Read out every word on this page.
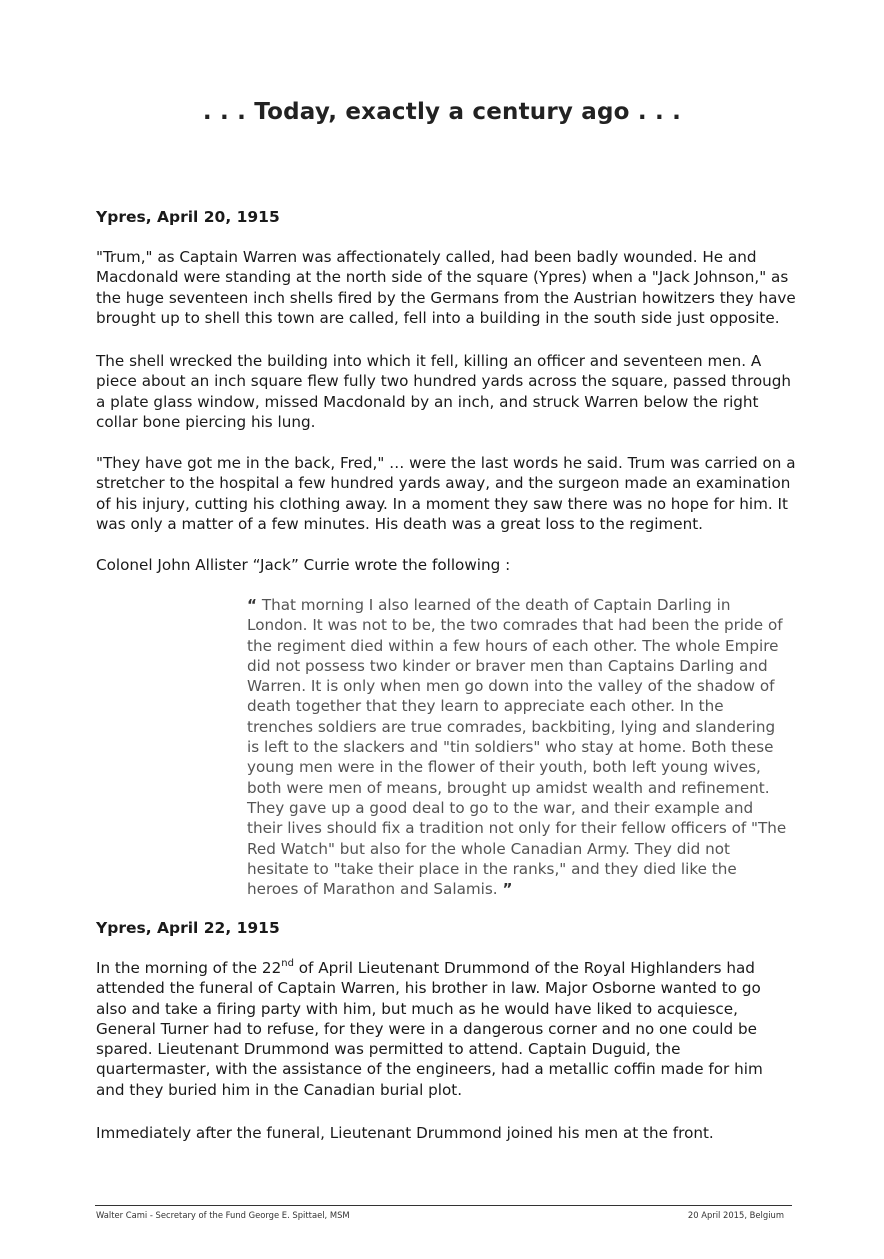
. . . Today, exactly a century ago . . .
Ypres, April 20, 1915

"Trum," as Captain Warren was affectionately called, had been badly wounded. He and Macdonald were standing at the north side of the square (Ypres) when a "Jack Johnson," as the huge seventeen inch shells fired by the Germans from the Austrian howitzers they have brought up to shell this town are called, fell into a building in the south side just opposite.

The shell wrecked the building into which it fell, killing an officer and seventeen men. A piece about an inch square flew fully two hundred yards across the square, passed through a plate glass window, missed Macdonald by an inch, and struck Warren below the right collar bone piercing his lung.

"They have got me in the back, Fred," … were the last words he said. Trum was carried on a stretcher to the hospital a few hundred yards away, and the surgeon made an examination of his injury, cutting his clothing away. In a moment they saw there was no hope for him. It was only a matter of a few minutes. His death was a great loss to the regiment.

Colonel John Allister “Jack” Currie wrote the following :

“ That morning I also learned of the death of Captain Darling in London. It was not to be, the two comrades that had been the pride of the regiment died within a few hours of each other. The whole Empire did not possess two kinder or braver men than Captains Darling and Warren. It is only when men go down into the valley of the shadow of death together that they learn to appreciate each other. In the trenches soldiers are true comrades, backbiting, lying and slandering is left to the slackers and "tin soldiers" who stay at home. Both these young men were in the flower of their youth, both left young wives, both were men of means, brought up amidst wealth and refinement. They gave up a good deal to go to the war, and their example and their lives should fix a tradition not only for their fellow officers of "The Red Watch" but also for the whole Canadian Army. They did not hesitate to "take their place in the ranks," and they died like the heroes of Marathon and Salamis. ”

Ypres, April 22, 1915

In the morning of the 22nd of April Lieutenant Drummond of the Royal Highlanders had attended the funeral of Captain Warren, his brother in law. Major Osborne wanted to go also and take a firing party with him, but much as he would have liked to acquiesce, General Turner had to refuse, for they were in a dangerous corner and no one could be spared. Lieutenant Drummond was permitted to attend. Captain Duguid, the quartermaster, with the assistance of the engineers, had a metallic coffin made for him and they buried him in the Canadian burial plot.

Immediately after the funeral, Lieutenant Drummond joined his men at the front.

Walter Cami - Secretary of the Fund George E. Spittael, MSM	20 April 2015, Belgium
